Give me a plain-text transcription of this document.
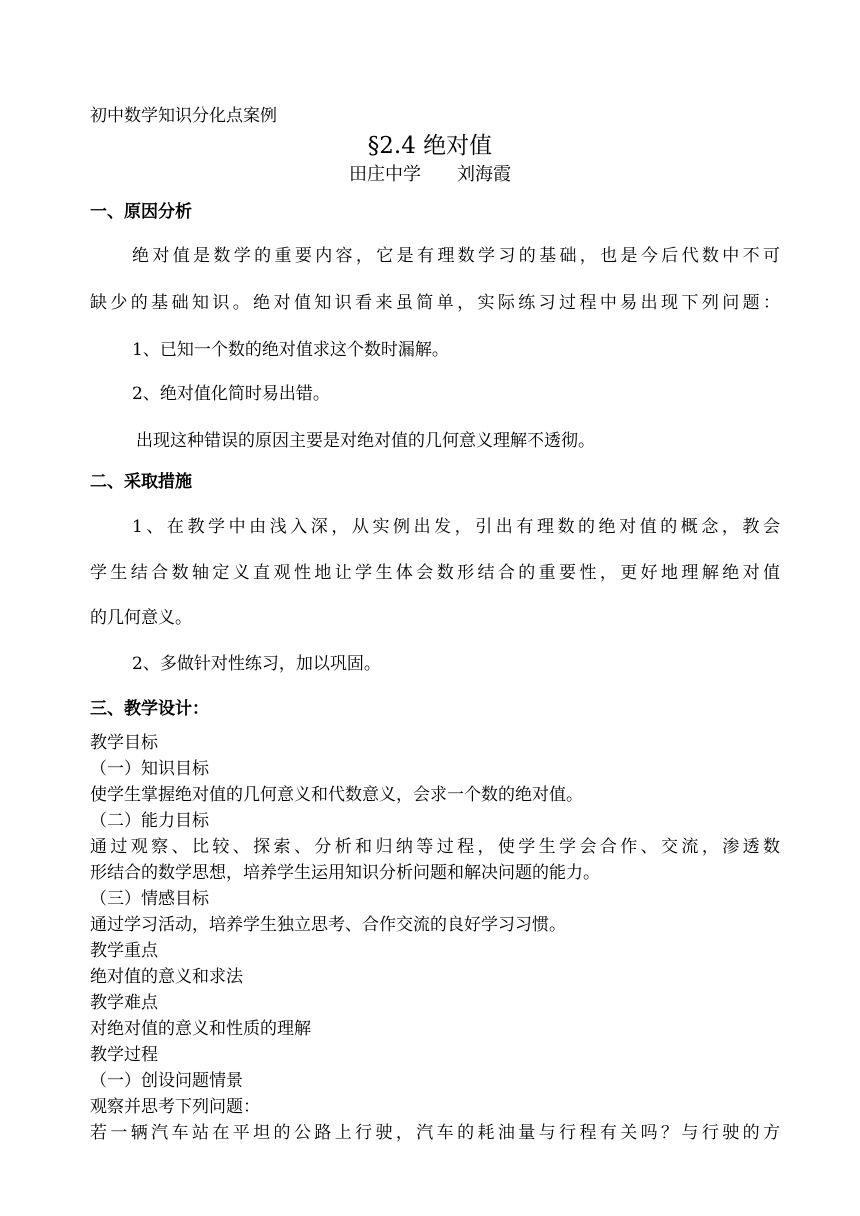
初中数学知识分化点案例
§2.4 绝对值
田庄中学　　刘海霞
一、原因分析
绝对值是数学的重要内容，它是有理数学习的基础，也是今后代数中不可
缺少的基础知识。绝对值知识看来虽简单，实际练习过程中易出现下列问题：
1、已知一个数的绝对值求这个数时漏解。
2、绝对值化简时易出错。
出现这种错误的原因主要是对绝对值的几何意义理解不透彻。
二、采取措施
1、在教学中由浅入深，从实例出发，引出有理数的绝对值的概念，教会
学生结合数轴定义直观性地让学生体会数形结合的重要性，更好地理解绝对值
的几何意义。
2、多做针对性练习，加以巩固。
三、教学设计：
教学目标
（一）知识目标
使学生掌握绝对值的几何意义和代数意义，会求一个数的绝对值。
（二）能力目标
通过观察、比较、探索、分析和归纳等过程，使学生学会合作、交流，渗透数
形结合的数学思想，培养学生运用知识分析问题和解决问题的能力。
（三）情感目标
通过学习活动，培养学生独立思考、合作交流的良好学习习惯。
教学重点
绝对值的意义和求法
教学难点
对绝对值的意义和性质的理解
教学过程
（一）创设问题情景
观察并思考下列问题：
若一辆汽车站在平坦的公路上行驶，汽车的耗油量与行程有关吗？与行驶的方
